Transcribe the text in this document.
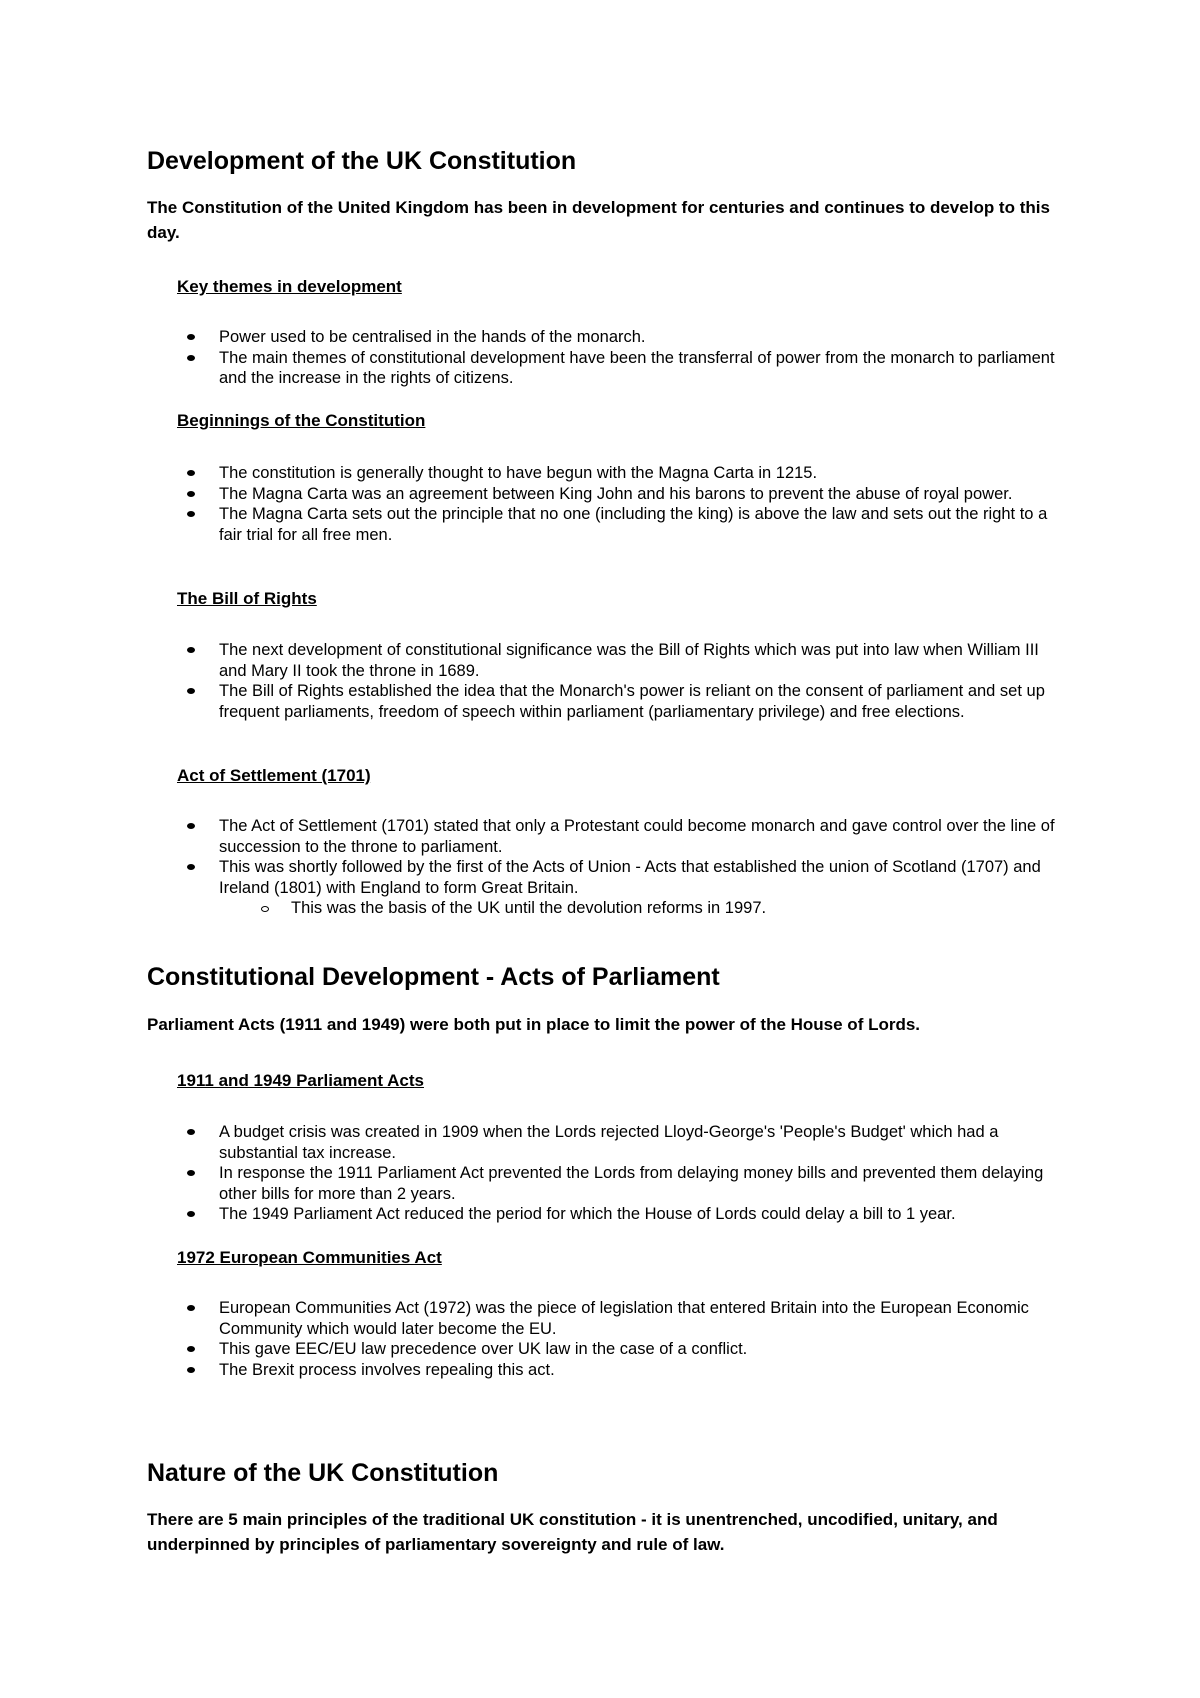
Development of the UK Constitution

The Constitution of the United Kingdom has been in development for centuries and continues to develop to this day.

Key themes in development
Power used to be centralised in the hands of the monarch.
The main themes of constitutional development have been the transferral of power from the monarch to parliament and the increase in the rights of citizens.
Beginnings of the Constitution
The constitution is generally thought to have begun with the Magna Carta in 1215.
The Magna Carta was an agreement between King John and his barons to prevent the abuse of royal power.
The Magna Carta sets out the principle that no one (including the king) is above the law and sets out the right to a fair trial for all free men.
The Bill of Rights
The next development of constitutional significance was the Bill of Rights which was put into law when William III and Mary II took the throne in 1689.
The Bill of Rights established the idea that the Monarch's power is reliant on the consent of parliament and set up frequent parliaments, freedom of speech within parliament (parliamentary privilege) and free elections.
Act of Settlement (1701)
The Act of Settlement (1701) stated that only a Protestant could become monarch and gave control over the line of succession to the throne to parliament.
This was shortly followed by the first of the Acts of Union - Acts that established the union of Scotland (1707) and Ireland (1801) with England to form Great Britain.
This was the basis of the UK until the devolution reforms in 1997.
Constitutional Development - Acts of Parliament

Parliament Acts (1911 and 1949) were both put in place to limit the power of the House of Lords.

1911 and 1949 Parliament Acts
A budget crisis was created in 1909 when the Lords rejected Lloyd-George's 'People's Budget' which had a substantial tax increase.
In response the 1911 Parliament Act prevented the Lords from delaying money bills and prevented them delaying other bills for more than 2 years.
The 1949 Parliament Act reduced the period for which the House of Lords could delay a bill to 1 year.
1972 European Communities Act
European Communities Act (1972) was the piece of legislation that entered Britain into the European Economic Community which would later become the EU.
This gave EEC/EU law precedence over UK law in the case of a conflict.
The Brexit process involves repealing this act.
Nature of the UK Constitution

There are 5 main principles of the traditional UK constitution - it is unentrenched, uncodified, unitary, and underpinned by principles of parliamentary sovereignty and rule of law.
